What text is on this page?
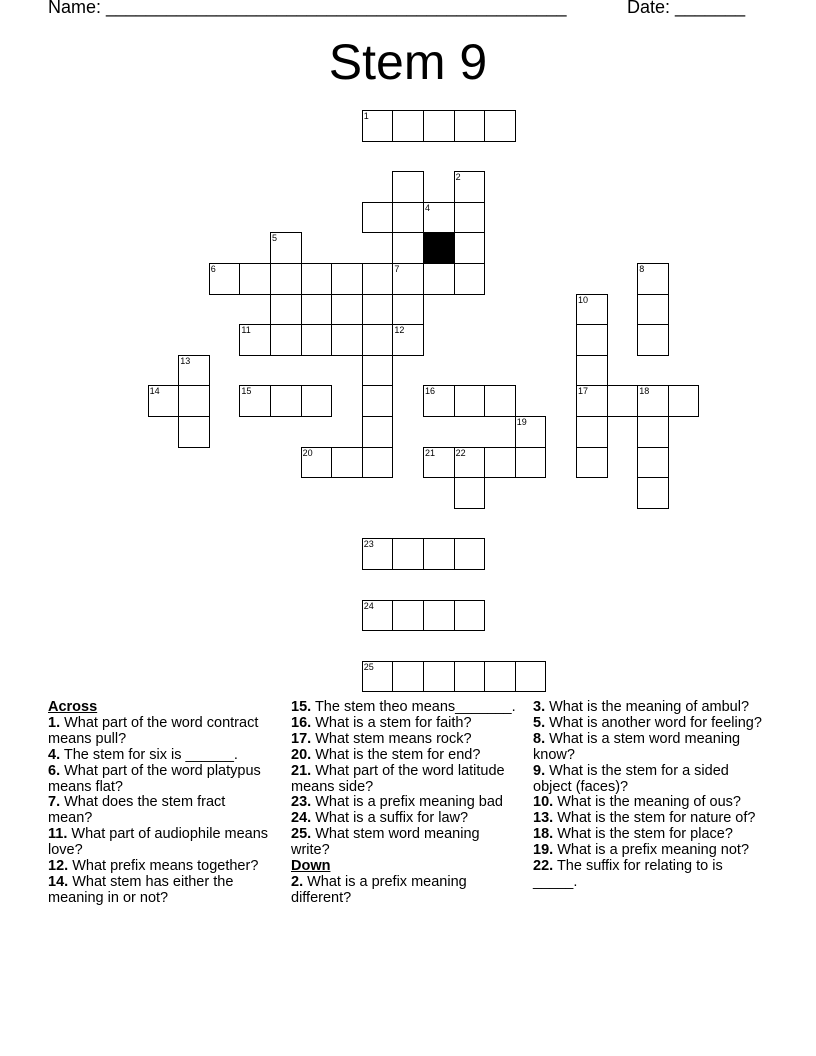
Name: ______________________________________________	Date: _______
Stem 9
1
2
4
5
6	7	8
10
11	12
13
14	15	16	17	18
19
20	21 22
23
24
25
Across
1. What part of the word contract means pull?
4. The stem for six is ______.
6. What part of the word platypus means flat?
7. What does the stem fract mean?
11. What part of audiophile means love?
12. What prefix means together?
14. What stem has either the meaning in or not?
15. The stem theo means_______.
16. What is a stem for faith?
17. What stem means rock?
20. What is the stem for end?
21. What part of the word latitude means side?
23. What is a prefix meaning bad
24. What is a suffix for law?
25. What stem word meaning write?
Down
2. What is a prefix meaning different?
3. What is the meaning of ambul?
5. What is another word for feeling?
8. What is a stem word meaning know?
9. What is the stem for a sided object (faces)?
10. What is the meaning of ous?
13. What is the stem for nature of?
18. What is the stem for place?
19. What is a prefix meaning not?
22. The suffix for relating to is _____.
